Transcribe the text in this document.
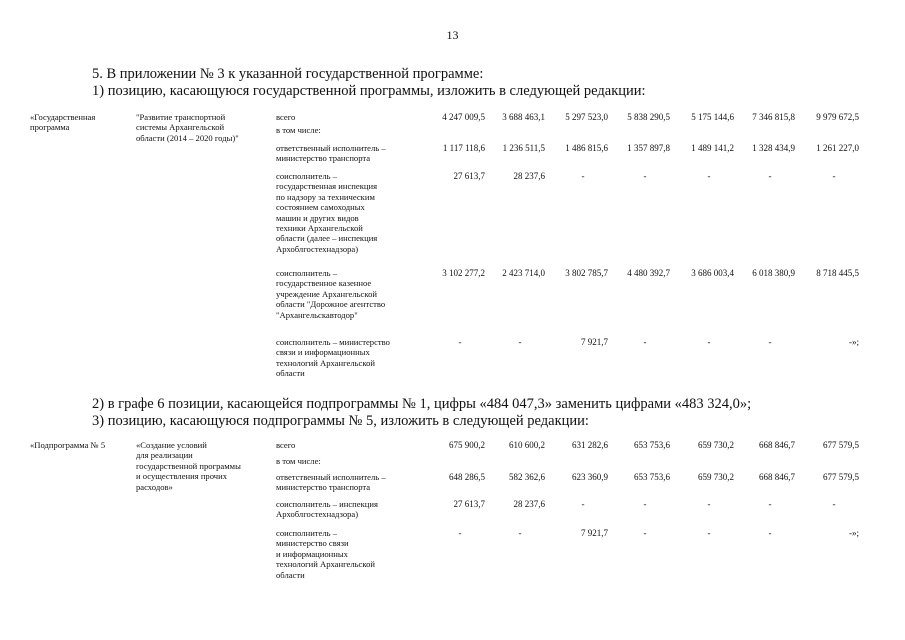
13
5. В приложении № 3 к указанной государственной программе:
1) позицию, касающуюся государственной программы, изложить в следующей редакции:
«Государственная
программа
"Развитие транспортной
системы Архангельской
области (2014 – 2020 годы)"
всего	4 247 009,5	3 688 463,1	5 297 523,0	5 838 290,5	5 175 144,6	7 346 815,8	9 979 672,5
в том числе:
ответственный исполнитель –
министерство транспорта
1 117 118,6	1 236 511,5	1 486 815,6	1 357 897,8	1 489 141,2	1 328 434,9	1 261 227,0
соисполнитель –
государственная инспекция
по надзору за техническим
состоянием самоходных
машин и других видов
техники Архангельской
области (далее – инспекция
Архоблгостехнадзора)
27 613,7	28 237,6	-	-	-	-	-
соисполнитель –
государственное казенное
учреждение Архангельской
области "Дорожное агентство
"Архангельскавтодор"
3 102 277,2	2 423 714,0	3 802 785,7	4 480 392,7	3 686 003,4	6 018 380,9	8 718 445,5
соисполнитель – министерство
связи и информационных
технологий Архангельской
области
-	-	7 921,7	-	-	-	-»;
2) в графе 6 позиции, касающейся подпрограммы № 1, цифры «484 047,3» заменить цифрами «483 324,0»;
3) позицию, касающуюся подпрограммы № 5, изложить в следующей редакции:
«Подпрограмма № 5	«Создание условий
для реализации
государственной программы
и осуществления прочих
расходов»
всего	675 900,2	610 600,2	631 282,6	653 753,6	659 730,2	668 846,7	677 579,5
в том числе:
ответственный исполнитель –
министерство транспорта
648 286,5	582 362,6	623 360,9	653 753,6	659 730,2	668 846,7	677 579,5
соисполнитель – инспекция
Архоблгостехнадзора)
27 613,7	28 237,6	-	-	-	-	-
соисполнитель –
министерство связи
и информационных
технологий Архангельской
области
-	-	7 921,7	-	-	-	-»;
